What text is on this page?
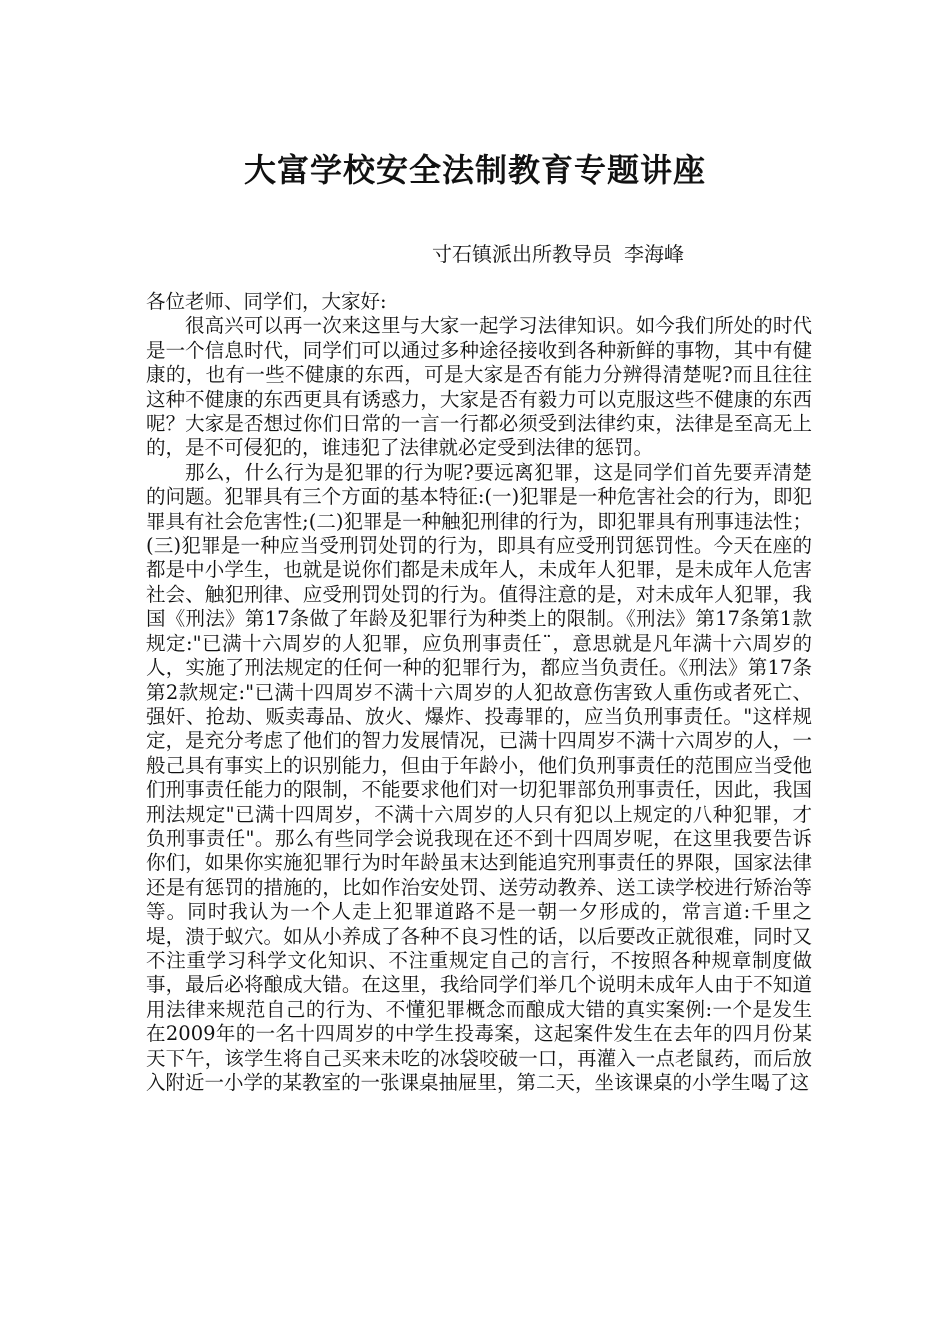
大富学校安全法制教育专题讲座
寸石镇派出所教导员 李海峰

各位老师、同学们，大家好:

很高兴可以再一次来这里与大家一起学习法律知识。如今我们所处的时代是一个信息时代，同学们可以通过多种途径接收到各种新鲜的事物，其中有健康的，也有一些不健康的东西，可是大家是否有能力分辨得清楚呢?而且往往这种不健康的东西更具有诱惑力，大家是否有毅力可以克服这些不健康的东西呢？大家是否想过你们日常的一言一行都必须受到法律约束，法律是至高无上的，是不可侵犯的，谁违犯了法律就必定受到法律的惩罚。

那么，什么行为是犯罪的行为呢?要远离犯罪，这是同学们首先要弄清楚的问题。犯罪具有三个方面的基本特征:(一)犯罪是一种危害社会的行为，即犯罪具有社会危害性;(二)犯罪是一种触犯刑律的行为，即犯罪具有刑事违法性；(三)犯罪是一种应当受刑罚处罚的行为，即具有应受刑罚惩罚性。今天在座的都是中小学生，也就是说你们都是未成年人，未成年人犯罪，是未成年人危害社会、触犯刑律、应受刑罚处罚的行为。值得注意的是，对未成年人犯罪，我国《刑法》第17条做了年龄及犯罪行为种类上的限制。《刑法》第17条第1款规定:"已满十六周岁的人犯罪，应负刑事责任¨，意思就是凡年满十六周岁的人，实施了刑法规定的任何一种的犯罪行为，都应当负责任。《刑法》第17条第2款规定:"已满十四周岁不满十六周岁的人犯故意伤害致人重伤或者死亡、强奸、抢劫、贩卖毒品、放火、爆炸、投毒罪的，应当负刑事责任。"这样规定，是充分考虑了他们的智力发展情况，已满十四周岁不满十六周岁的人，一般己具有事实上的识别能力，但由于年龄小，他们负刑事责任的范围应当受他们刑事责任能力的限制，不能要求他们对一切犯罪部负刑事责任，因此，我国刑法规定"已满十四周岁，不满十六周岁的人只有犯以上规定的八种犯罪，才负刑事责任"。那么有些同学会说我现在还不到十四周岁呢，在这里我要告诉你们，如果你实施犯罪行为时年龄虽末达到能追究刑事责任的界限，国家法律还是有惩罚的措施的，比如作治安处罚、送劳动教养、送工读学校进行矫治等等。同时我认为一个人走上犯罪道路不是一朝一夕形成的，常言道:千里之堤，溃于蚁穴。如从小养成了各种不良习性的话，以后要改正就很难，同时又不注重学习科学文化知识、不注重规定自己的言行，不按照各种规章制度做事，最后必将酿成大错。在这里，我给同学们举几个说明未成年人由于不知道用法律来规范自己的行为、不懂犯罪概念而酿成大错的真实案例:一个是发生在2009年的一名十四周岁的中学生投毒案，这起案件发生在去年的四月份某天下午，该学生将自己买来未吃的冰袋咬破一口，再灌入一点老鼠药，而后放入附近一小学的某教室的一张课桌抽屉里，第二天，坐该课桌的小学生喝了这
